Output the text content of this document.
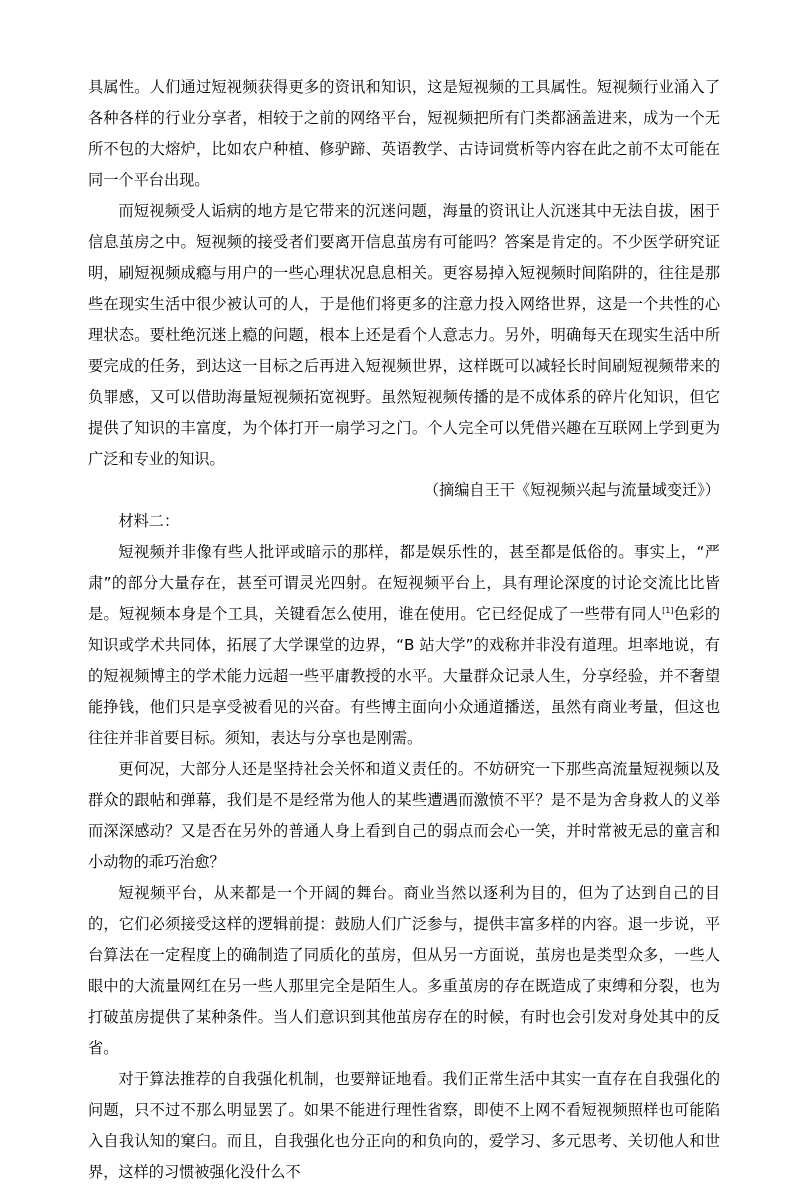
具属性。人们通过短视频获得更多的资讯和知识，这是短视频的工具属性。短视频行业涌入了各种各样的行业分享者，相较于之前的网络平台，短视频把所有门类都涵盖进来，成为一个无所不包的大熔炉，比如农户种植、修驴蹄、英语教学、古诗词赏析等内容在此之前不太可能在同一个平台出现。

而短视频受人诟病的地方是它带来的沉迷问题，海量的资讯让人沉迷其中无法自拔，困于信息茧房之中。短视频的接受者们要离开信息茧房有可能吗？答案是肯定的。不少医学研究证明，刷短视频成瘾与用户的一些心理状况息息相关。更容易掉入短视频时间陷阱的，往往是那些在现实生活中很少被认可的人，于是他们将更多的注意力投入网络世界，这是一个共性的心理状态。要杜绝沉迷上瘾的问题，根本上还是看个人意志力。另外，明确每天在现实生活中所要完成的任务，到达这一目标之后再进入短视频世界，这样既可以减轻长时间刷短视频带来的负罪感，又可以借助海量短视频拓宽视野。虽然短视频传播的是不成体系的碎片化知识，但它提供了知识的丰富度，为个体打开一扇学习之门。个人完全可以凭借兴趣在互联网上学到更为广泛和专业的知识。

（摘编自王干《短视频兴起与流量域变迁》）

材料二：

短视频并非像有些人批评或暗示的那样，都是娱乐性的，甚至都是低俗的。事实上，“严肃”的部分大量存在，甚至可谓灵光四射。在短视频平台上，具有理论深度的讨论交流比比皆是。短视频本身是个工具，关键看怎么使用，谁在使用。它已经促成了一些带有同人[1]色彩的知识或学术共同体，拓展了大学课堂的边界，“B 站大学”的戏称并非没有道理。坦率地说，有的短视频博主的学术能力远超一些平庸教授的水平。大量群众记录人生，分享经验，并不奢望能挣钱，他们只是享受被看见的兴奋。有些博主面向小众通道播送，虽然有商业考量，但这也往往并非首要目标。须知，表达与分享也是刚需。

更何况，大部分人还是坚持社会关怀和道义责任的。不妨研究一下那些高流量短视频以及群众的跟帖和弹幕，我们是不是经常为他人的某些遭遇而激愤不平？是不是为舍身救人的义举而深深感动？又是否在另外的普通人身上看到自己的弱点而会心一笑，并时常被无忌的童言和小动物的乖巧治愈？

短视频平台，从来都是一个开阔的舞台。商业当然以逐利为目的，但为了达到自己的目的，它们必须接受这样的逻辑前提：鼓励人们广泛参与，提供丰富多样的内容。退一步说，平台算法在一定程度上的确制造了同质化的茧房，但从另一方面说，茧房也是类型众多，一些人眼中的大流量网红在另一些人那里完全是陌生人。多重茧房的存在既造成了束缚和分裂，也为打破茧房提供了某种条件。当人们意识到其他茧房存在的时候，有时也会引发对身处其中的反省。

对于算法推荐的自我强化机制，也要辩证地看。我们正常生活中其实一直存在自我强化的问题，只不过不那么明显罢了。如果不能进行理性省察，即使不上网不看短视频照样也可能陷入自我认知的窠臼。而且，自我强化也分正向的和负向的，爱学习、多元思考、关切他人和世界，这样的习惯被强化没什么不
